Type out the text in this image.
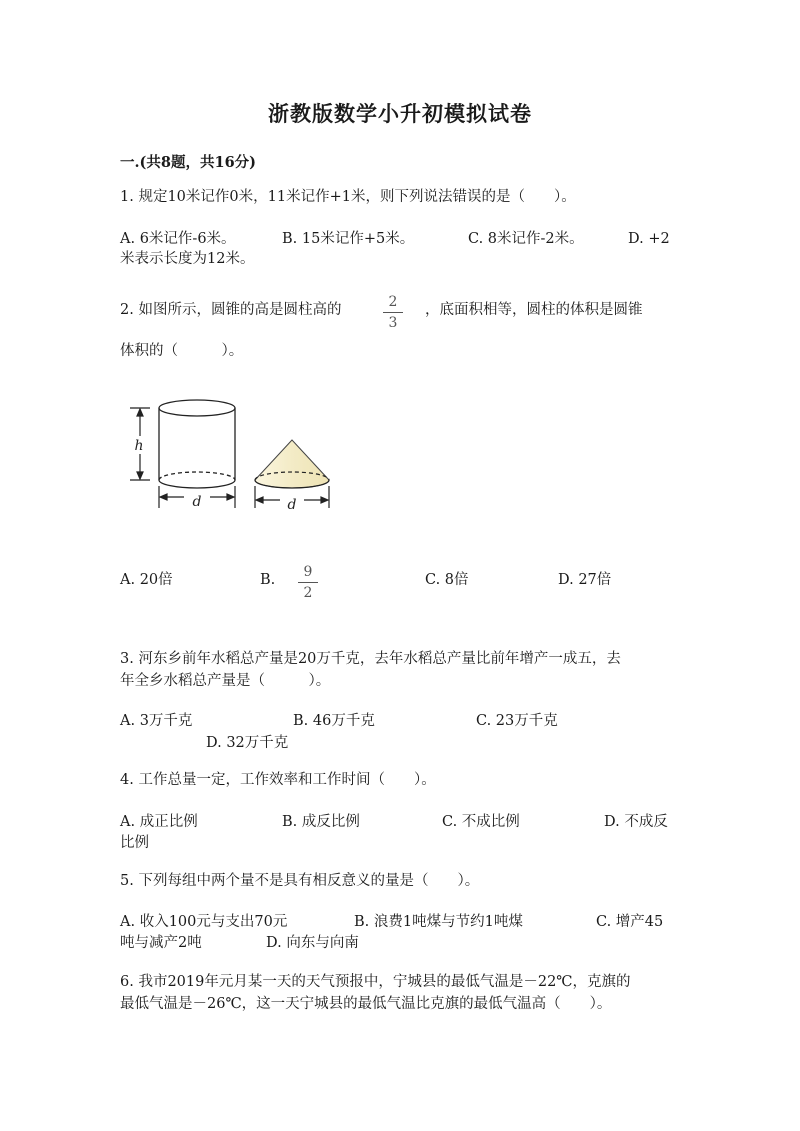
浙教版数学小升初模拟试卷
一.(共8题，共16分)
1. 规定10米记作0米，11米记作+1米，则下列说法错误的是（　　）。
A. 6米记作-6米。	B. 15米记作+5米。	C. 8米记作-2米。	D. +2
米表示长度为12米。
2. 如图所示，圆锥的高是圆柱高的	2
3
，底面积相等，圆柱的体积是圆锥
体积的（　　　）。
h
d	d
A. 20倍	B.	9
2
C. 8倍	D. 27倍
3. 河东乡前年水稻总产量是20万千克，去年水稻总产量比前年增产一成五，去
年全乡水稻总产量是（　　　）。
A. 3万千克	B. 46万千克	C. 23万千克
D. 32万千克
4. 工作总量一定，工作效率和工作时间（　　）。
A. 成正比例	B. 成反比例	C. 不成比例	D. 不成反
比例
5. 下列每组中两个量不是具有相反意义的量是（　　）。
A. 收入100元与支出70元	B. 浪费1吨煤与节约1吨煤	C. 增产45
吨与减产2吨	D. 向东与向南
6. 我市2019年元月某一天的天气预报中，宁城县的最低气温是－22℃，克旗的
最低气温是－26℃，这一天宁城县的最低气温比克旗的最低气温高（　　）。
